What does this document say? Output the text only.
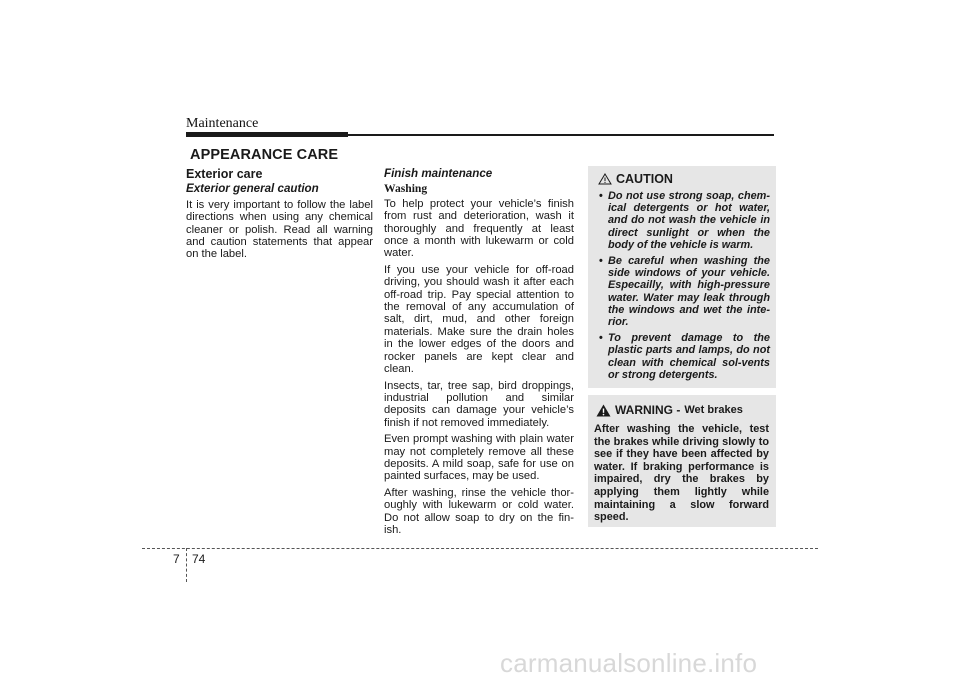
Maintenance
APPEARANCE CARE
Exterior care
Exterior general caution

It is very important to follow the label directions when using any chemical cleaner or polish. Read all warning and caution statements that appear on the label.

Finish maintenance
Washing

To help protect your vehicle’s finish from rust and deterioration, wash it thoroughly and frequently at least once a month with lukewarm or cold water.

If you use your vehicle for off-road driving, you should wash it after each off-road trip. Pay special attention to the removal of any accumulation of salt, dirt, mud, and other foreign materials. Make sure the drain holes in the lower edges of the doors and rocker panels are kept clear and clean.

Insects, tar, tree sap, bird droppings, industrial pollution and similar deposits can damage your vehicle’s finish if not removed immediately.

Even prompt washing with plain water may not completely remove all these deposits. A mild soap, safe for use on painted surfaces, may be used.

After washing, rinse the vehicle thor-oughly with lukewarm or cold water. Do not allow soap to dry on the fin-ish.

CAUTION
• Do not use strong soap, chem-ical detergents or hot water, and do not wash the vehicle in direct sunlight or when the body of the vehicle is warm.
• Be careful when washing the side windows of your vehicle. Especailly, with high-pressure water. Water may leak through the windows and wet the inte-rior.
• To prevent damage to the plastic parts and lamps, do not clean with chemical sol-vents or strong detergents.
WARNING - Wet brakes

After washing the vehicle, test the brakes while driving slowly to see if they have been affected by water. If braking performance is impaired, dry the brakes by applying them lightly while maintaining a slow forward speed.

7 74
carmanualsonline.info
